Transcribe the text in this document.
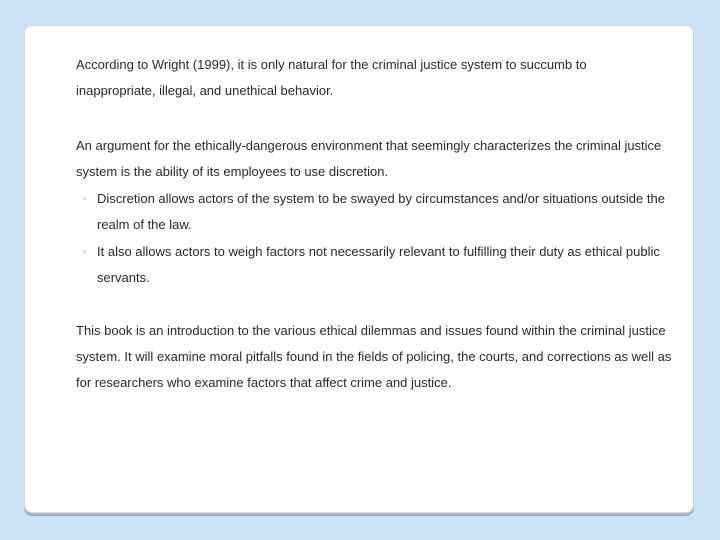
According to Wright (1999), it is only natural for the criminal justice system to succumb to inappropriate, illegal, and unethical behavior.

An argument for the ethically-dangerous environment that seemingly characterizes the criminal justice system is the ability of its employees to use discretion.

◦ Discretion allows actors of the system to be swayed by circumstances and/or situations outside the realm of the law.
◦ It also allows actors to weigh factors not necessarily relevant to fulfilling their duty as ethical public servants.

This book is an introduction to the various ethical dilemmas and issues found within the criminal justice system. It will examine moral pitfalls found in the fields of policing, the courts, and corrections as well as for researchers who examine factors that affect crime and justice.
